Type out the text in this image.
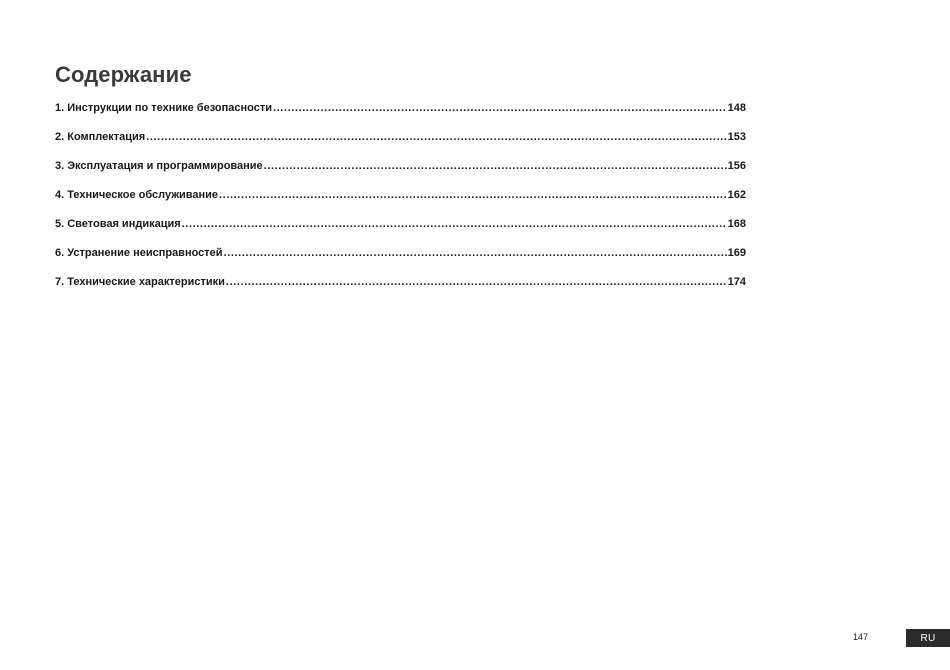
Содержание
1. Инструкции по технике безопасности .....	148
2. Комплектация .....	153
3. Эксплуатация и программирование .....	156
4. Техническое обслуживание .....	162
5. Световая индикация .....	168
6. Устранение неисправностей .....	169
7. Технические характеристики .....	174
147	RU
